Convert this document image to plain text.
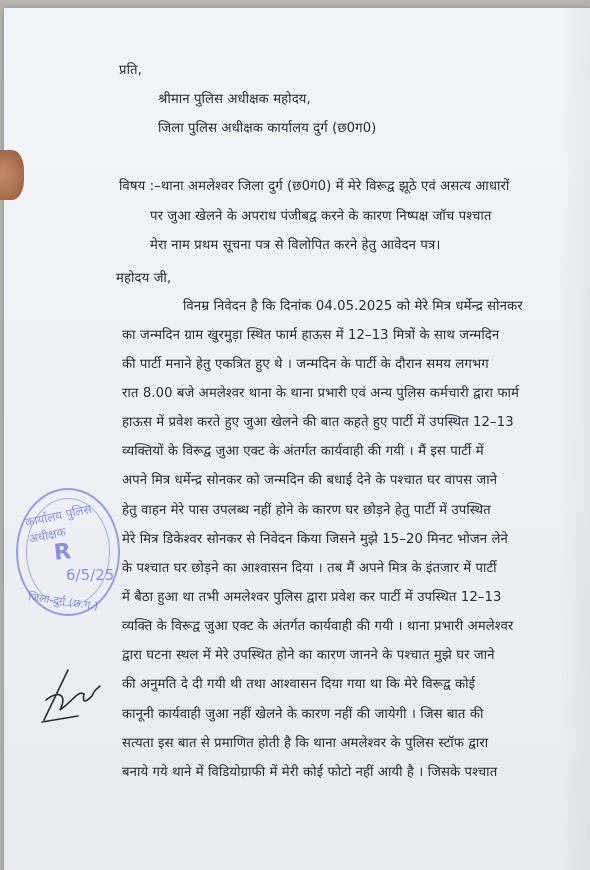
प्रति,
श्रीमान पुलिस अधीक्षक महोदय,
जिला पुलिस अधीक्षक कार्यालय दुर्ग (छ0ग0)
विषय :–थाना अमलेश्वर जिला दुर्ग (छ0ग0) में मेरे विरूद्व झूठे एवं असत्य आधारों
पर जुआ खेलने के अपराध पंजीबद्व करने के कारण निष्पक्ष जॉच पश्चात
मेरा नाम प्रथम सूचना पत्र से विलोपित करने हेतु आवेदन पत्र।
महोदय जी,
विनम्र निवेदन है कि दिनांक 04.05.2025 को मेरे मित्र धर्मेन्द्र सोनकर
का जन्मदिन ग्राम खुरमुड़ा स्थित फार्म हाऊस में 12–13 मित्रों के साथ जन्मदिन
की पार्टी मनाने हेतु एकत्रित हुए थे । जन्मदिन के पार्टी के दौरान समय लगभग
रात 8.00 बजे अमलेश्वर थाना के थाना प्रभारी एवं अन्य पुलिस कर्मचारी द्वारा फार्म
हाऊस में प्रवेश करते हुए जुआ खेलने की बात कहते हुए पार्टी में उपस्थित 12–13
व्यक्तियों के विरूद्व जुआ एक्ट के अंतर्गत कार्यवाही की गयी । मैं इस पार्टी में
अपने मित्र धर्मेन्द्र सोनकर को जन्मदिन की बधाई देने के पश्चात घर वापस जाने
हेतु वाहन मेरे पास उपलब्ध नहीं होने के कारण घर छोड़ने हेतु पार्टी में उपस्थित
मेरे मित्र डिकेश्वर सोनकर से निवेदन किया जिसने मुझे 15–20 मिनट भोजन लेने
के पश्चात घर छोड़ने का आश्वासन दिया । तब मैं अपने मित्र के इंतजार में पार्टी
में बैठा हुआ था तभी अमलेश्वर पुलिस द्वारा प्रवेश कर पार्टी में उपस्थित 12–13
व्यक्ति के विरूद्व जुआ एक्ट के अंतर्गत कार्यवाही की गयी । थाना प्रभारी अमलेश्वर
द्वारा घटना स्थल में मेरे उपस्थित होने का कारण जानने के पश्चात मुझे घर जाने
की अनुमति दे दी गयी थी तथा आश्वासन दिया गया था कि मेरे विरूद्व कोई
कानूनी कार्यवाही जुआ नहीं खेलने के कारण नहीं की जायेगी । जिस बात की
सत्यता इस बात से प्रमाणित होती है कि थाना अमलेश्वर के पुलिस स्टॉफ द्वारा
बनाये गये थाने में विडियोग्राफी में मेरी कोई फोटो नहीं आयी है । जिसके पश्चात
कार्यालय पुलिस अधीक्षक
R
6/5/25
जिला-दुर्ग (छ.ग.)
